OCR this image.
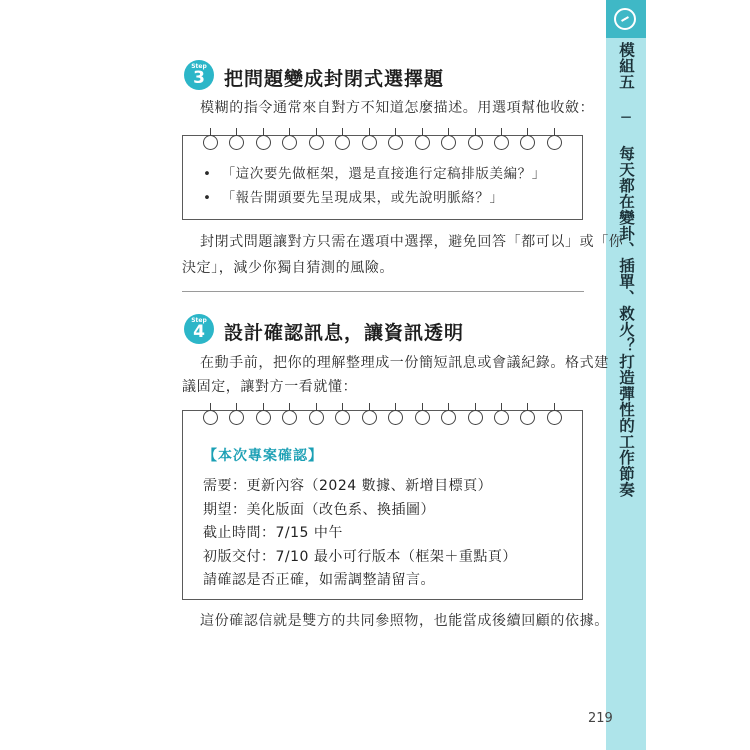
模組五 ─ 每天都在變卦、插單、救火？打造彈性的工作節奏
Step
3	把問題變成封閉式選擇題
模糊的指令通常來自對方不知道怎麼描述。用選項幫他收斂：
• 「這次要先做框架，還是直接進行定稿排版美編？」
• 「報告開頭要先呈現成果，或先說明脈絡？」
封閉式問題讓對方只需在選項中選擇，避免回答「都可以」或「你
決定」，減少你獨自猜測的風險。
Step
4	設計確認訊息，讓資訊透明
在動手前，把你的理解整理成一份簡短訊息或會議紀錄。格式建
議固定，讓對方一看就懂：
【本次專案確認】
需要：更新內容（2024 數據、新增目標頁）
期望：美化版面（改色系、換插圖）
截止時間：7/15 中午
初版交付：7/10 最小可行版本（框架＋重點頁）
請確認是否正確，如需調整請留言。
這份確認信就是雙方的共同參照物，也能當成後續回顧的依據。
219
